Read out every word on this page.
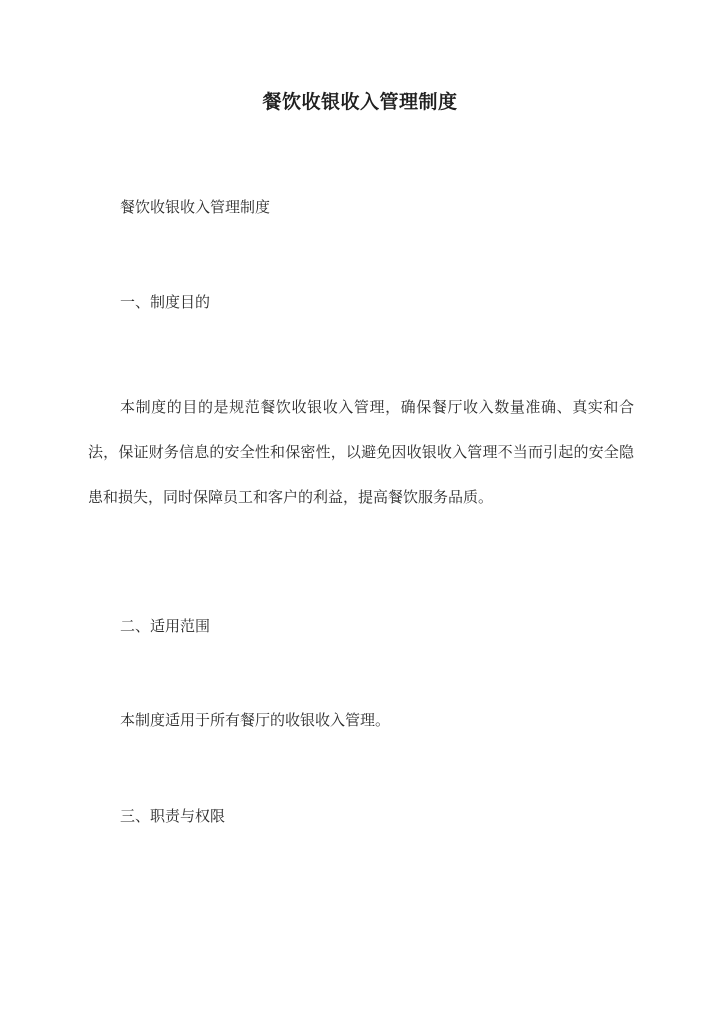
餐饮收银收入管理制度
餐饮收银收入管理制度
一、制度目的
本制度的目的是规范餐饮收银收入管理，确保餐厅收入数量准确、真实和合法，保证财务信息的安全性和保密性，以避免因收银收入管理不当而引起的安全隐患和损失，同时保障员工和客户的利益，提高餐饮服务品质。
二、适用范围
本制度适用于所有餐厅的收银收入管理。
三、职责与权限
